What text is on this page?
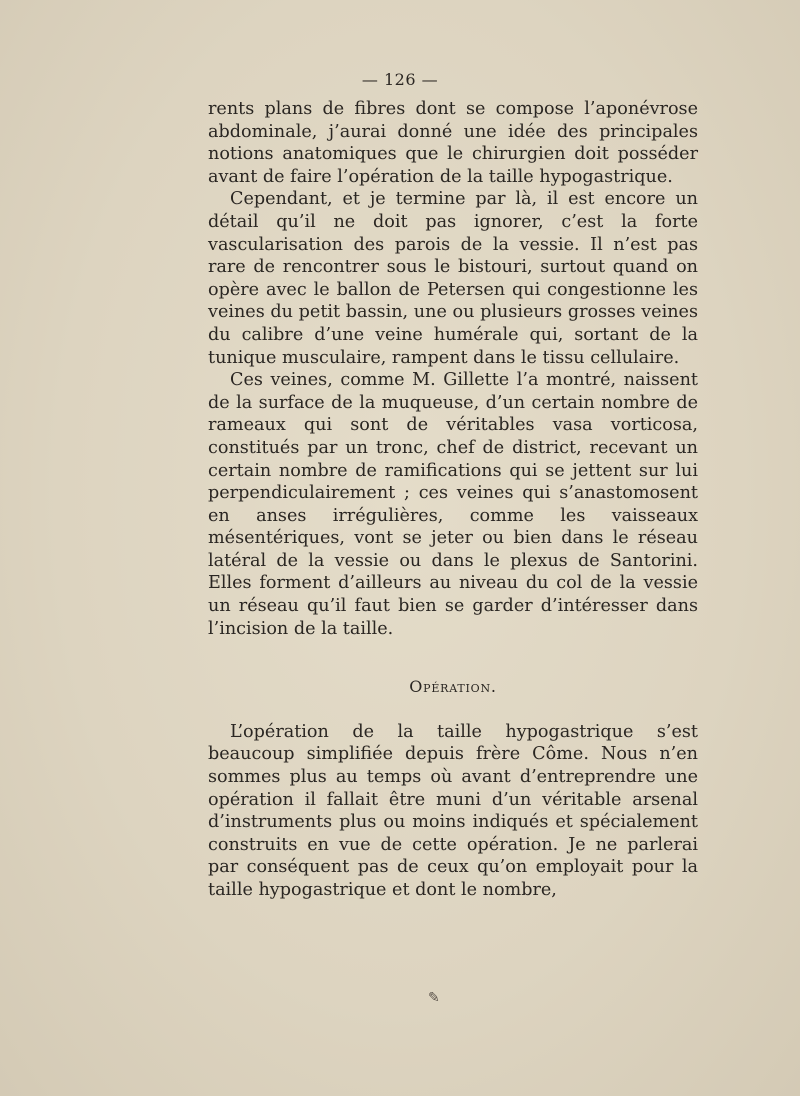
— 126 —

rents plans de fibres dont se compose l’aponévrose abdominale, j’aurai donné une idée des principales notions anatomiques que le chirurgien doit posséder avant de faire l’opération de la taille hypogastrique.

Cependant, et je termine par là, il est encore un détail qu’il ne doit pas ignorer, c’est la forte vascularisation des parois de la vessie. Il n’est pas rare de rencontrer sous le bistouri, surtout quand on opère avec le ballon de Petersen qui congestionne les veines du petit bassin, une ou plusieurs grosses veines du calibre d’une veine humérale qui, sortant de la tunique musculaire, rampent dans le tissu cellulaire.

Ces veines, comme M. Gillette l’a montré, naissent de la surface de la muqueuse, d’un certain nombre de rameaux qui sont de véritables vasa vorticosa, constitués par un tronc, chef de district, recevant un certain nombre de ramifications qui se jettent sur lui perpendiculairement ; ces veines qui s’anastomosent en anses irrégulières, comme les vaisseaux mésentériques, vont se jeter ou bien dans le réseau latéral de la vessie ou dans le plexus de Santorini. Elles forment d’ailleurs au niveau du col de la vessie un réseau qu’il faut bien se garder d’intéresser dans l’incision de la taille.

Opération.

L’opération de la taille hypogastrique s’est beaucoup simplifiée depuis frère Côme. Nous n’en sommes plus au temps où avant d’entreprendre une opération il fallait être muni d’un véritable arsenal d’instruments plus ou moins indiqués et spécialement construits en vue de cette opération. Je ne parlerai par conséquent pas de ceux qu’on employait pour la taille hypogastrique et dont le nombre,

✎
